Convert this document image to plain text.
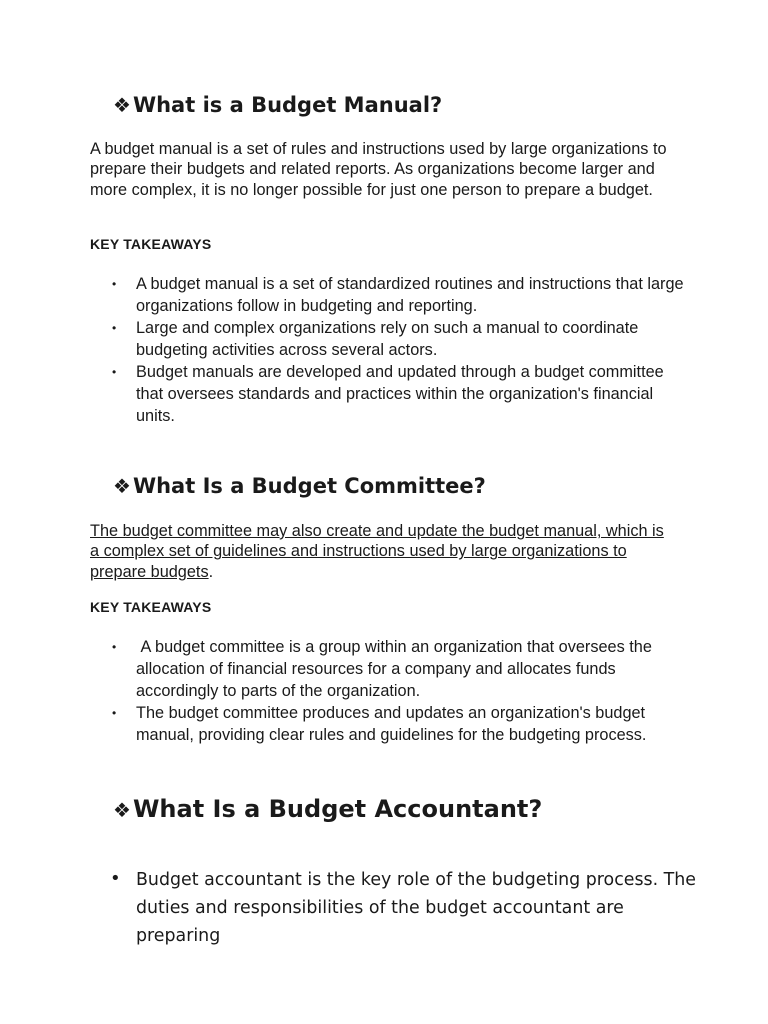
❖What is a Budget Manual?

A budget manual is a set of rules and instructions used by large organizations to prepare their budgets and related reports. As organizations become larger and more complex, it is no longer possible for just one person to prepare a budget.

KEY TAKEAWAYS

• A budget manual is a set of standardized routines and instructions that large organizations follow in budgeting and reporting.
• Large and complex organizations rely on such a manual to coordinate budgeting activities across several actors.
• Budget manuals are developed and updated through a budget committee that oversees standards and practices within the organization's financial units.
❖What Is a Budget Committee?

The budget committee may also create and update the budget manual, which is a complex set of guidelines and instructions used by large organizations to prepare budgets.

KEY TAKEAWAYS

• A budget committee is a group within an organization that oversees the allocation of financial resources for a company and allocates funds accordingly to parts of the organization.
• The budget committee produces and updates an organization's budget manual, providing clear rules and guidelines for the budgeting process.
❖What Is a Budget Accountant?
• Budget accountant is the key role of the budgeting process. The duties and responsibilities of the budget accountant are preparing
